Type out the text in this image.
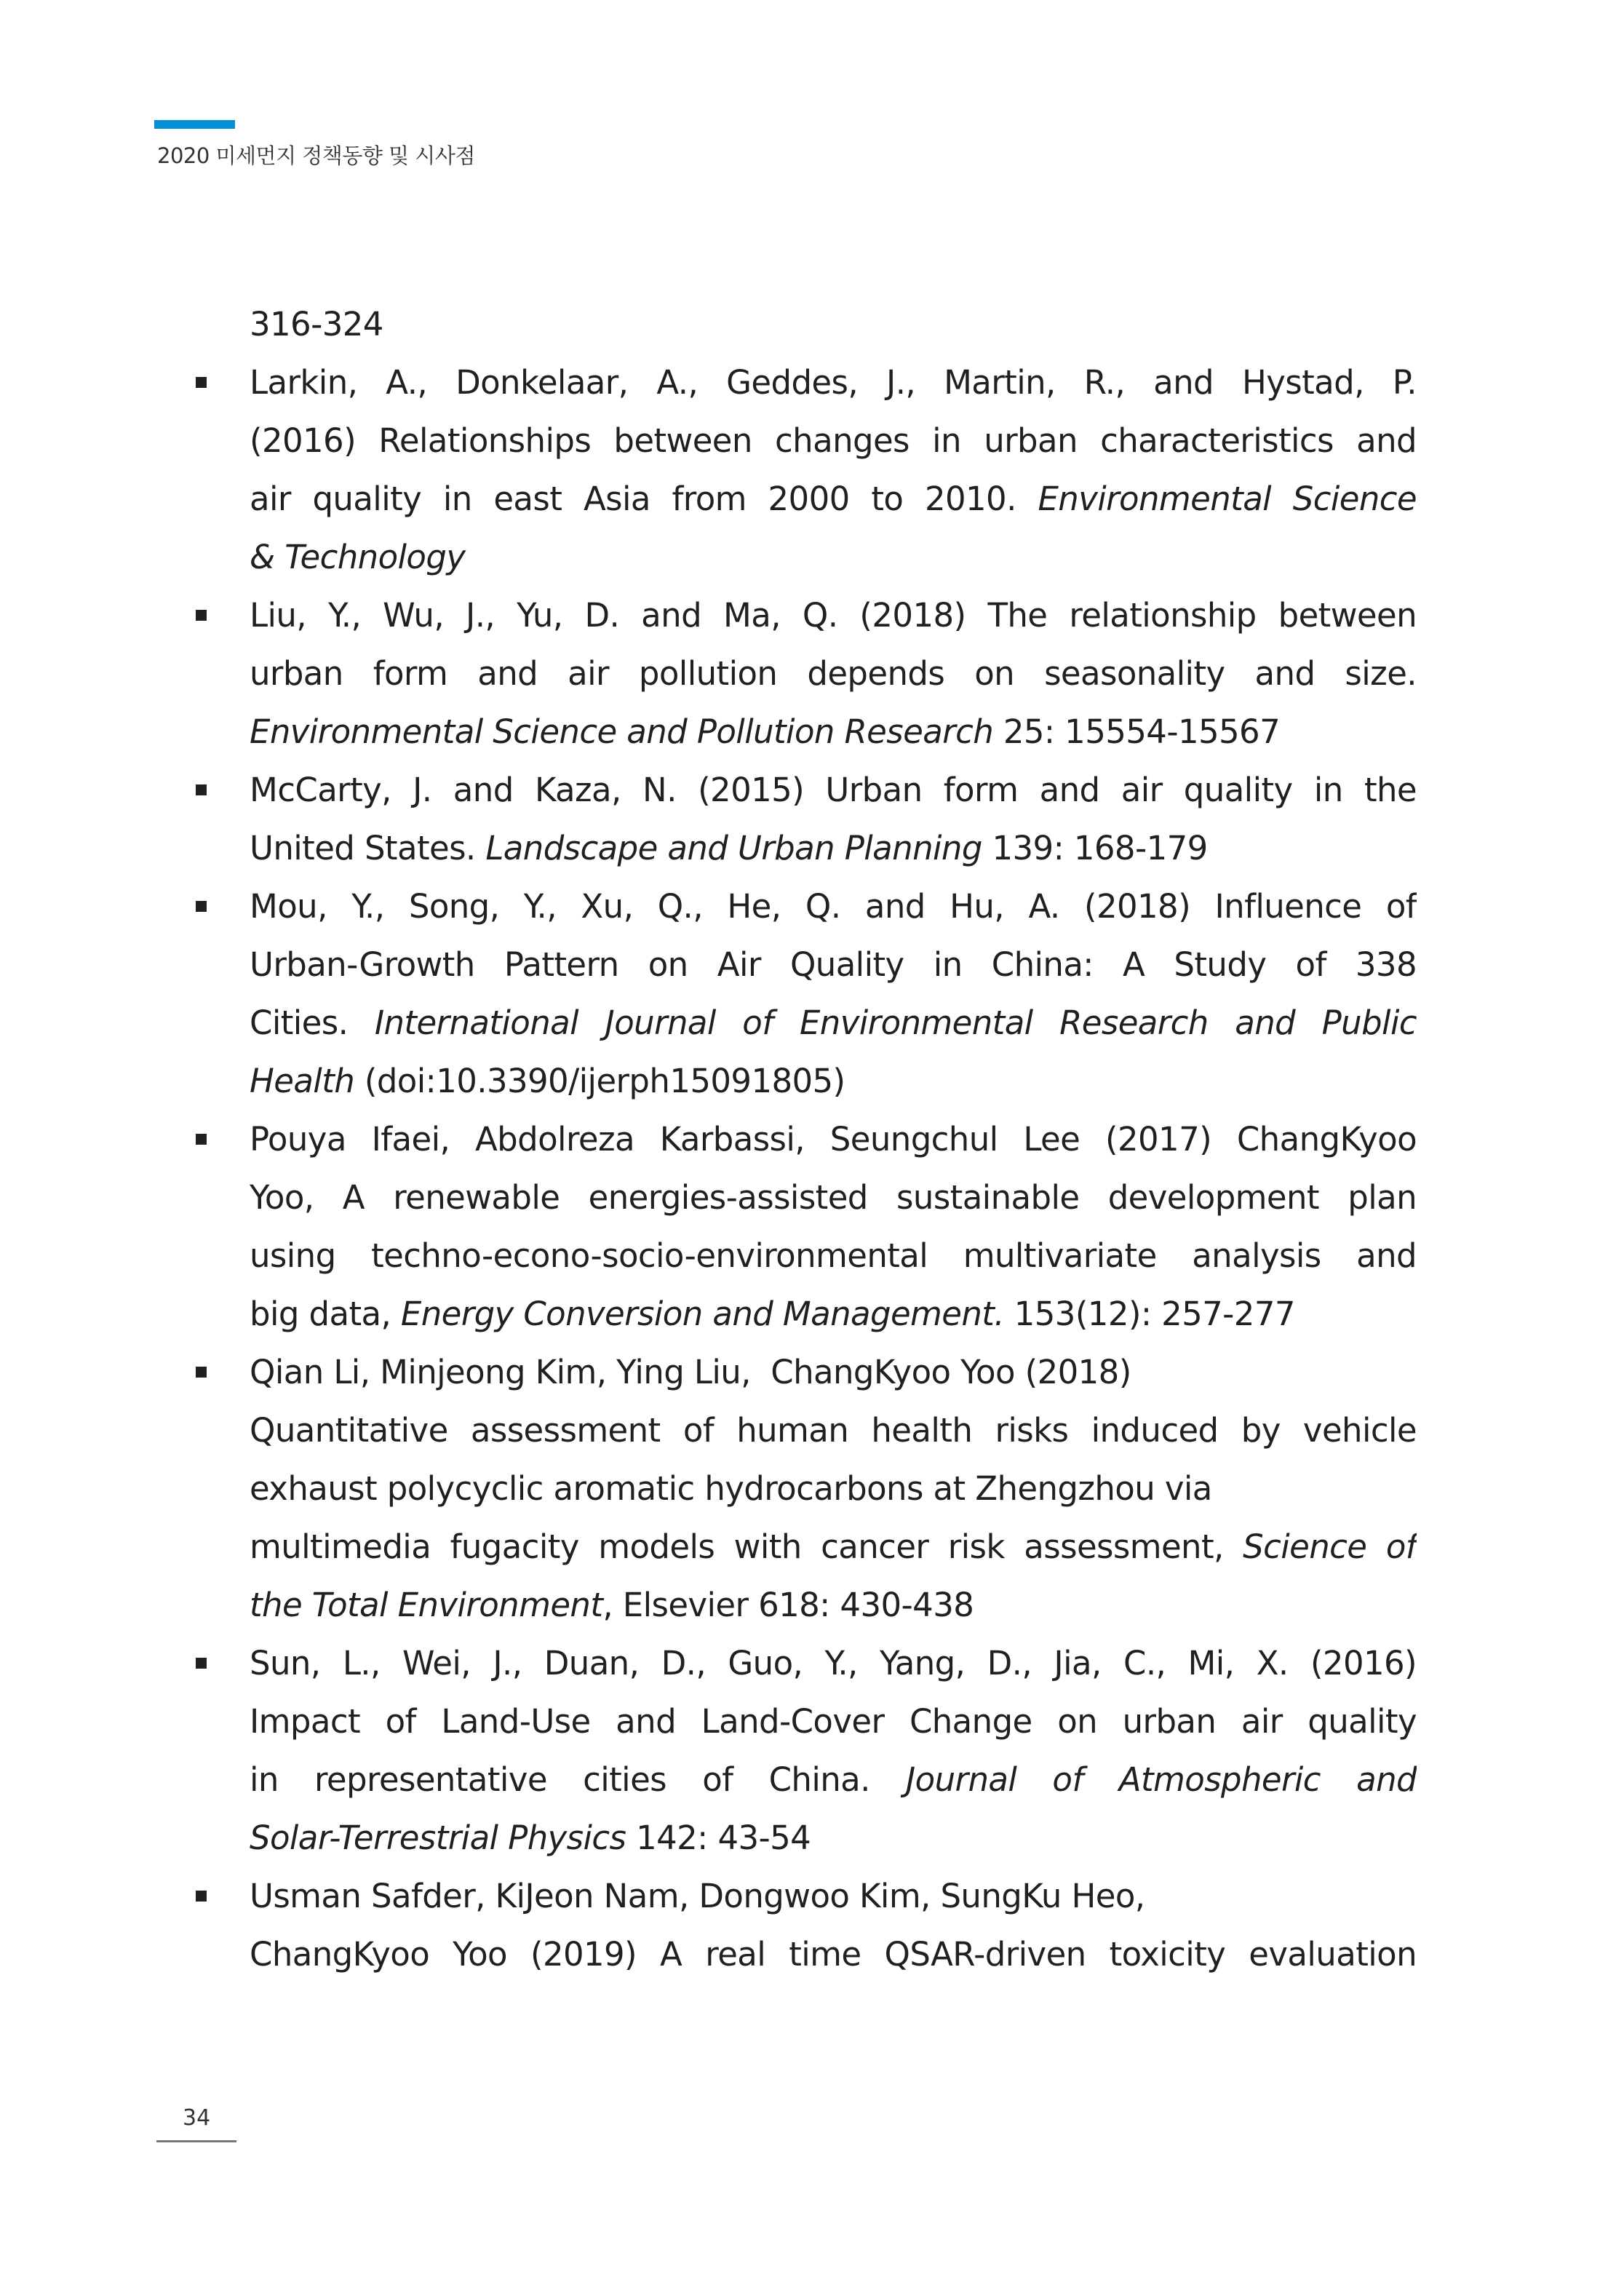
2020 미세먼지 정책동향 및 시사점
316-324
Larkin, A., Donkelaar, A., Geddes, J., Martin, R., and Hystad, P.
(2016) Relationships between changes in urban characteristics and
air quality in east Asia from 2000 to 2010. Environmental Science
& Technology
Liu, Y., Wu, J., Yu, D. and Ma, Q. (2018) The relationship between
urban form and air pollution depends on seasonality and size.
Environmental Science and Pollution Research 25: 15554-15567
McCarty, J. and Kaza, N. (2015) Urban form and air quality in the
United States. Landscape and Urban Planning 139: 168-179
Mou, Y., Song, Y., Xu, Q., He, Q. and Hu, A. (2018) Influence of
Urban-Growth Pattern on Air Quality in China: A Study of 338
Cities. International Journal of Environmental Research and Public
Health (doi:10.3390/ijerph15091805)
Pouya Ifaei, Abdolreza Karbassi, Seungchul Lee (2017) ChangKyoo
Yoo, A renewable energies-assisted sustainable development plan
using techno-econo-socio-environmental multivariate analysis and
big data, Energy Conversion and Management. 153(12): 257-277
Qian Li, Minjeong Kim, Ying Liu,  ChangKyoo Yoo (2018)
Quantitative assessment of human health risks induced by vehicle
exhaust polycyclic aromatic hydrocarbons at Zhengzhou via
multimedia fugacity models with cancer risk assessment, Science of
the Total Environment, Elsevier 618: 430-438
Sun, L., Wei, J., Duan, D., Guo, Y., Yang, D., Jia, C., Mi, X. (2016)
Impact of Land-Use and Land-Cover Change on urban air quality
in representative cities of China. Journal of Atmospheric and
Solar-Terrestrial Physics 142: 43-54
Usman Safder, KiJeon Nam, Dongwoo Kim, SungKu Heo,
ChangKyoo Yoo (2019) A real time QSAR-driven toxicity evaluation
34
